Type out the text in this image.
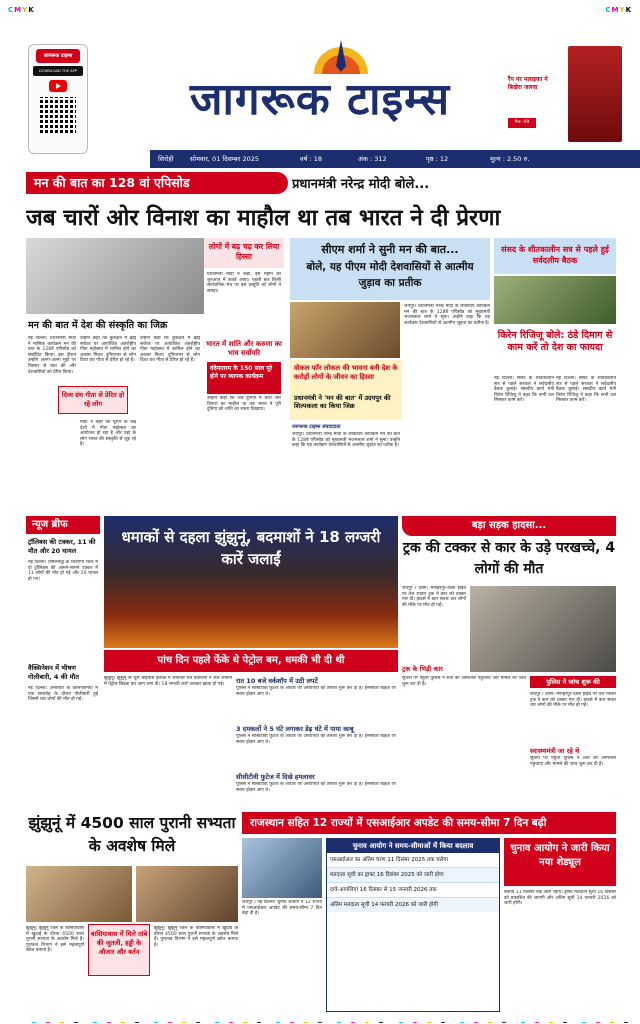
CMYK	CMYK
जागरूक टाइम्स
DOWNLOAD THE APP
जागरूक टाइम्स	रैंप पर मलाइका ने बिखेरा जलवा
पेज -09
सिरोही	सोमवार, 01 दिसम्बर 2025	वर्ष : 18	अंक : 312	पृष्ठ : 12	मूल्य : 2.50 रु.
मन की बात का 128 वां एपिसोड	प्रधानमंत्री नरेन्द्र मोदी बोले...
जब चारों ओर विनाश का माहौल था तब भारत ने दी प्रेरणा
मन की बात में देश की संस्कृति का जिक्र
नई दिल्ली। प्रधानमंत्री मोदी ने मासिक कार्यक्रम मन की बात के 128वें एपिसोड को संबोधित किया। इस दौरान उन्होंने अलग-अलग मुद्दों पर विस्तार से बात की और देशवासियों को प्रेरित किया।
दिव्य ग्रंथ गीता से प्रेरित हो रहे लोग
उन्होंने कहा कि कुरुक्षेत्र में ब्रह्म सरोवर पर आयोजित अंतर्राष्ट्रीय गीता महोत्सव में शामिल होने का अवसर मिला। दुनियाभर से लोग दिव्य ग्रंथ गीता से प्रेरित हो रहे हैं।
मोदी ने कहा कि यूरोप के कई देशों में गीता महोत्सव का आयोजन हो रहा है और वहां के लोग भारत की संस्कृति से जुड़ रहे हैं।
उन्होंने कहा कि कुरुक्षेत्र में ब्रह्म सरोवर पर आयोजित अंतर्राष्ट्रीय गीता महोत्सव में शामिल होने का अवसर मिला। दुनियाभर से लोग दिव्य ग्रंथ गीता से प्रेरित हो रहे हैं।
लोगों में बढ़ चढ़ कर लिया हिस्सा
प्रधानमंत्री मोदी ने कहा, इस महीने की शुरुआत में कतर्ड आया। पहली बार किसी सार्वजनिक मंच पर इस प्रस्तुति को लोगों ने सराहा।
भारत में शांति और करुणा का भाव सर्वोपरि
वंदेमातरम के 150 साल पूरे होने पर व्यापक कार्यक्रम
उन्होंने कहा कि जब दुनिया में चारों ओर विनाश का माहौल था तब भारत ने पूरी दुनिया को शांति का रास्ता दिखाया।
सीएम शर्मा ने सुनी मन की बात...
बोले, यह पीएम मोदी देशवासियों से आत्मीय जुड़ाव का प्रतीक
वोकल फॉर लोकल की भावना बनी देश के करोड़ों लोगों के जीवन का हिस्सा
प्रधानमंत्री ने 'मन की बात' में उदयपुर की शिल्पकला का किया जिक्र
जागरूक टाइम्स संवाददाता
जयपुर। प्रधानमंत्री नरेन्द्र मोदी के लोकप्रिय कार्यक्रम मन की बात के 128वें एपिसोड को मुख्यमंत्री भजनलाल शर्मा ने सुना। उन्होंने कहा कि यह कार्यक्रम देशवासियों से आत्मीय जुड़ाव का प्रतीक है।
जयपुर। प्रधानमंत्री नरेन्द्र मोदी के लोकप्रिय कार्यक्रम मन की बात के 128वें एपिसोड को मुख्यमंत्री भजनलाल शर्मा ने सुना। उन्होंने कहा कि यह कार्यक्रम देशवासियों से आत्मीय जुड़ाव का प्रतीक है।
संसद के शीतकालीन सत्र से पहले हुई सर्वदलीय बैठक
किरेन रिजिजू बोले: ठंडे दिमाग से काम करें तो देश का फायदा
नई दिल्ली। संसद के शीतकालीन सत्र से पहले सरकार ने सर्वदलीय बैठक बुलाई। संसदीय कार्य मंत्री किरेन रिजिजू ने कहा कि सभी दल मिलकर काम करें।
नई दिल्ली। संसद के शीतकालीन सत्र से पहले सरकार ने सर्वदलीय बैठक बुलाई। संसदीय कार्य मंत्री किरेन रिजिजू ने कहा कि सभी दल मिलकर काम करें।
न्यूज ब्रीफ
ट्रॉलिबस की टक्कर, 11 की मौत और 20 घायल
नई दिल्ली। तमिलनाडु के शिवगंगा जिले में दो ट्रॉलिबस की आमने-सामने टक्कर में 11 लोगों की मौत हो गई और 20 घायल हो गए।
वैक्सिनेशन में भीषण गोलीबारी, 4 की मौत
नई दिल्ली। अमेरिका के कैलिफोर्निया में एक समारोह के दौरान गोलीबारी हुई जिसमें चार लोगों की मौत हो गई।
धमाकों से दहला झुंझुनूं, बदमाशों ने 18 लग्जरी कारें जलाईं
पांच दिन पहले फेंके थे पेट्रोल बम, धमकी भी दी थी
झुंझुनूं। झुंझुनूं के चूरू बाइपास इलाके में शनिवार रात बदमाशों ने कार शोरूम में पेट्रोल छिड़क कर आग लगा दी। 18 लग्जरी कारें जलकर खाक हो गईं।	रात 10 बजे वर्कशॉप में उठी लपटें
पुलिस ने सीसीटीवी फुटेज के आधार पर आरोपियों की तलाश शुरू कर दी है। हमलावर बाइक पर सवार होकर आए थे।
3 दमकलों ने 5 घंटे लगाकर डेढ़ घंटे में पाया काबू
पुलिस ने सीसीटीवी फुटेज के आधार पर आरोपियों की तलाश शुरू कर दी है। हमलावर बाइक पर सवार होकर आए थे।
सीसीटीवी फुटेज में दिखे हमलावर
पुलिस ने सीसीटीवी फुटेज के आधार पर आरोपियों की तलाश शुरू कर दी है। हमलावर बाइक पर सवार होकर आए थे।
बड़ा सड़क हादसा...
ट्रक की टक्कर से कार के उड़े परखच्चे, 4 लोगों की मौत
जयपुर / दौसा। मनोहरपुर-दौसा हाईवे पर तेज रफ्तार ट्रक ने कार को टक्कर मार दी। हादसे में कार सवार चार लोगों की मौके पर मौत हो गई।
ट्रक के भिड़ी कार
पुलिस ने जांच शुरू की
सूचना पर पहुंची पुलिस ने शवों को अस्पताल पहुंचाया और मामले की जांच शुरू कर दी है।
जयपुर / दौसा। मनोहरपुर-दौसा हाईवे पर तेज रफ्तार ट्रक ने कार को टक्कर मार दी। हादसे में कार सवार चार लोगों की मौके पर मौत हो गई।
स्वास्थ्यमंत्री जा रहे थे
सूचना पर पहुंची पुलिस ने शवों को अस्पताल पहुंचाया और मामले की जांच शुरू कर दी है।
झुंझुनूं में 4500 साल पुरानी सभ्यता के अवशेष मिले
झुंझुनूं। झुंझुनूं जिले के बासियावास में खुदाई के दौरान 4500 साल पुरानी सभ्यता के अवशेष मिले हैं। पुरातत्व विभाग ने इसे महत्वपूर्ण खोज बताया है।
बासियावास में मिले तांबे की जुतली, हड्डी के औजार और बर्तन
झुंझुनूं। झुंझुनूं जिले के बासियावास में खुदाई के दौरान 4500 साल पुरानी सभ्यता के अवशेष मिले हैं। पुरातत्व विभाग ने इसे महत्वपूर्ण खोज बताया है।
राजस्थान सहित 12 राज्यों में एसआईआर अपडेट की समय-सीमा 7 दिन बढ़ी
जयपुर / नई दिल्ली। चुनाव आयोग ने 12 राज्यों में एसआईआर अपडेट की समय-सीमा 7 दिन बढ़ा दी है।
चुनाव आयोग ने समय-सीमाओं में किया बदलाव
एसआईआर का अंतिम चरण 11 दिसंबर 2025 तक चलेगा
मतदाता सूची का ड्राफ्ट 16 दिसंबर 2025 को जारी होगा
दावे-आपत्तियां 16 दिसंबर से 15 जनवरी 2026 तक
अंतिम मतदाता सूची 14 फरवरी 2026 को जारी होगी
चुनाव आयोग ने जारी किया नया शेड्यूल
बताया 11 दिसंबर तक जारी रहेगा। ड्राफ्ट मतदाता सूची 16 दिसंबर को प्रकाशित की जाएगी और अंतिम सूची 14 फरवरी 2026 को जारी होगी।
